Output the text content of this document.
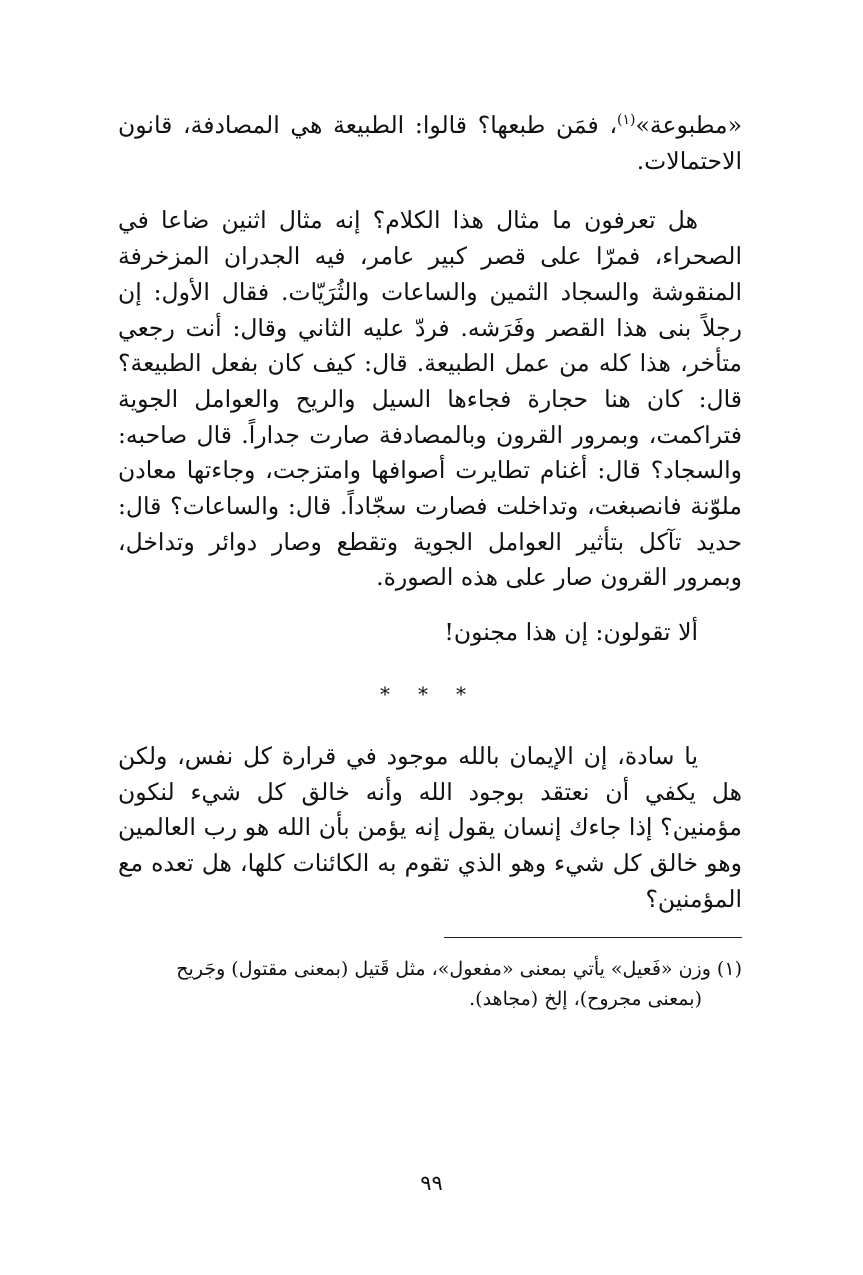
«مطبوعة»$^{(١)}$، فمَن طبعها؟ قالوا: الطبيعة هي المصادفة، قانون الاحتمالات.

هل تعرفون ما مثال هذا الكلام؟ إنه مثال اثنين ضاعا في الصحراء، فمرّا على قصر كبير عامر، فيه الجدران المزخرفة المنقوشة والسجاد الثمين والساعات والثُرَيّات. فقال الأول: إن رجلاً بنى هذا القصر وفَرَشه. فردّ عليه الثاني وقال: أنت رجعي متأخر، هذا كله من عمل الطبيعة. قال: كيف كان بفعل الطبيعة؟ قال: كان هنا حجارة فجاءها السيل والريح والعوامل الجوية فتراكمت، وبمرور القرون وبالمصادفة صارت جداراً. قال صاحبه: والسجاد؟ قال: أغنام تطايرت أصوافها وامتزجت، وجاءتها معادن ملوّنة فانصبغت، وتداخلت فصارت سجّاداً. قال: والساعات؟ قال: حديد تآكل بتأثير العوامل الجوية وتقطع وصار دوائر وتداخل، وبمرور القرون صار على هذه الصورة.

ألا تقولون: إن هذا مجنون!

* * *

يا سادة، إن الإيمان بالله موجود في قرارة كل نفس، ولكن هل يكفي أن نعتقد بوجود الله وأنه خالق كل شيء لنكون مؤمنين؟ إذا جاءك إنسان يقول إنه يؤمن بأن الله هو رب العالمين وهو خالق كل شيء وهو الذي تقوم به الكائنات كلها، هل تعده مع المؤمنين؟

(١) وزن «فَعيل» يأتي بمعنى «مفعول»، مثل قَتيل (بمعنى مقتول) وجَريح
(بمعنى مجروح)، إلخ (مجاهد).

٩٩
